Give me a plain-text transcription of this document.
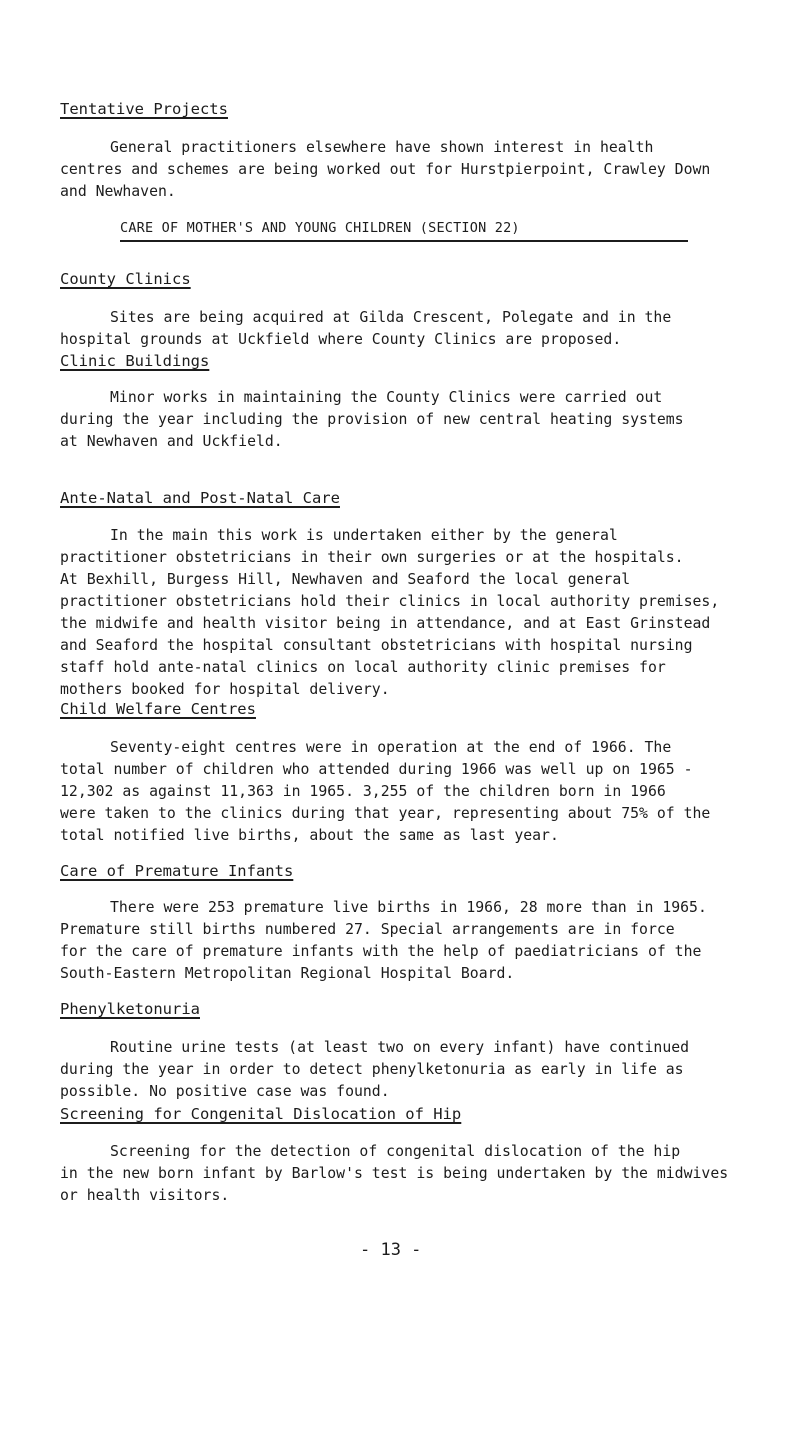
Tentative Projects

General practitioners elsewhere have shown interest in health
centres and schemes are being worked out for Hurstpierpoint, Crawley Down
and Newhaven.

CARE OF MOTHER'S AND YOUNG CHILDREN (SECTION 22)
County Clinics

Sites are being acquired at Gilda Crescent, Polegate and in the
hospital grounds at Uckfield where County Clinics are proposed.

Clinic Buildings

Minor works in maintaining the County Clinics were carried out
during the year including the provision of new central heating systems
at Newhaven and Uckfield.

Ante-Natal and Post-Natal Care

In the main this work is undertaken either by the general
practitioner obstetricians in their own surgeries or at the hospitals.
At Bexhill, Burgess Hill, Newhaven and Seaford the local general
practitioner obstetricians hold their clinics in local authority premises,
the midwife and health visitor being in attendance, and at East Grinstead
and Seaford the hospital consultant obstetricians with hospital nursing
staff hold ante-natal clinics on local authority clinic premises for
mothers booked for hospital delivery.

Child Welfare Centres

Seventy-eight centres were in operation at the end of 1966. The
total number of children who attended during 1966 was well up on 1965 -
12,302 as against 11,363 in 1965. 3,255 of the children born in 1966
were taken to the clinics during that year, representing about 75% of the
total notified live births, about the same as last year.

Care of Premature Infants

There were 253 premature live births in 1966, 28 more than in 1965.
Premature still births numbered 27. Special arrangements are in force
for the care of premature infants with the help of paediatricians of the
South-Eastern Metropolitan Regional Hospital Board.

Phenylketonuria

Routine urine tests (at least two on every infant) have continued
during the year in order to detect phenylketonuria as early in life as
possible. No positive case was found.

Screening for Congenital Dislocation of Hip

Screening for the detection of congenital dislocation of the hip
in the new born infant by Barlow's test is being undertaken by the midwives
or health visitors.

- 13 -
